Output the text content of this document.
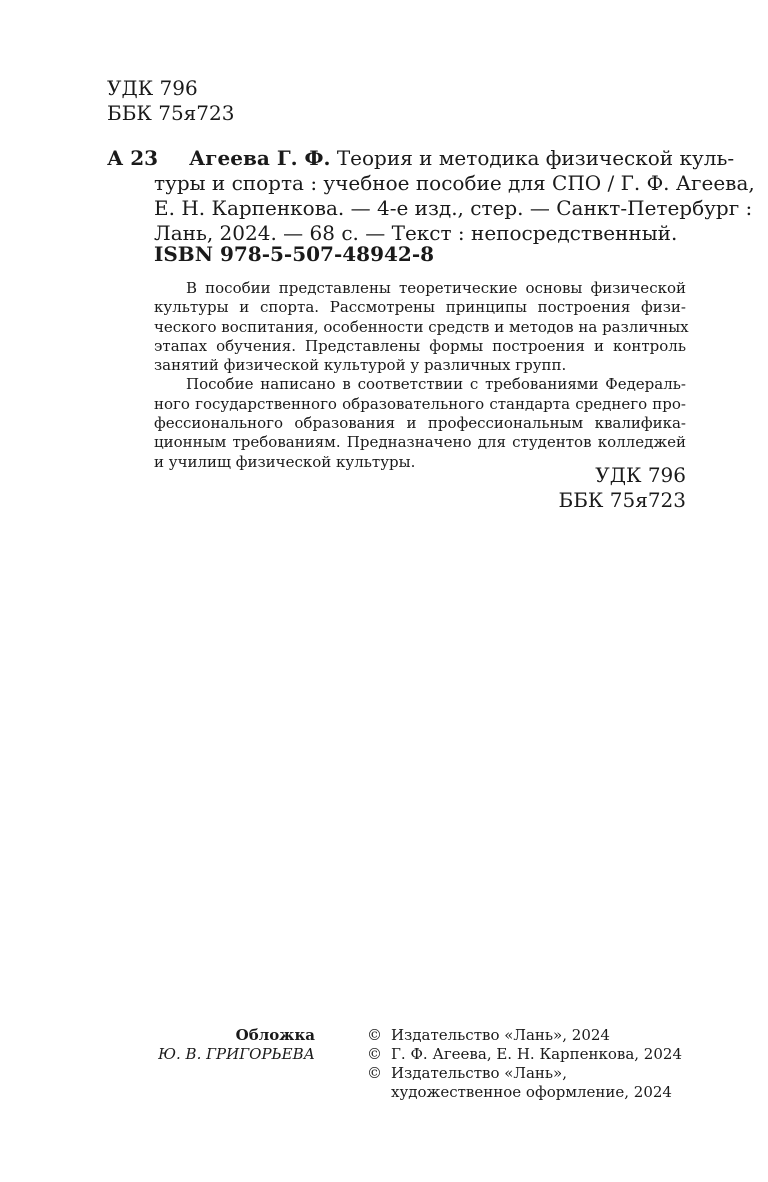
УДК 796
ББК 75я723
А 23	Агеева Г. Ф. Теория и методика физической куль-
туры и спорта : учебное пособие для СПО / Г. Ф. Агеева,
Е. Н. Карпенкова. — 4-е изд., стер. — Санкт-Петербург :
Лань, 2024. — 68 с. — Текст : непосредственный.
ISBN 978-5-507-48942-8
В пособии представлены теоретические основы физической
культуры и спорта. Рассмотрены принципы построения физи-
ческого воспитания, особенности средств и методов на различных
этапах обучения. Представлены формы построения и контроль
занятий физической культурой у различных групп.
Пособие написано в соответствии с требованиями Федераль-
ного государственного образовательного стандарта среднего про-
фессионального образования и профессиональным квалифика-
ционным требованиям. Предназначено для студентов колледжей
и училищ физической культуры.
УДК 796
ББК 75я723
Обложка
Ю. В. ГРИГОРЬЕВА
© Издательство «Лань», 2024
© Г. Ф. Агеева, Е. Н. Карпенкова, 2024
© Издательство «Лань»,
художественное оформление, 2024
